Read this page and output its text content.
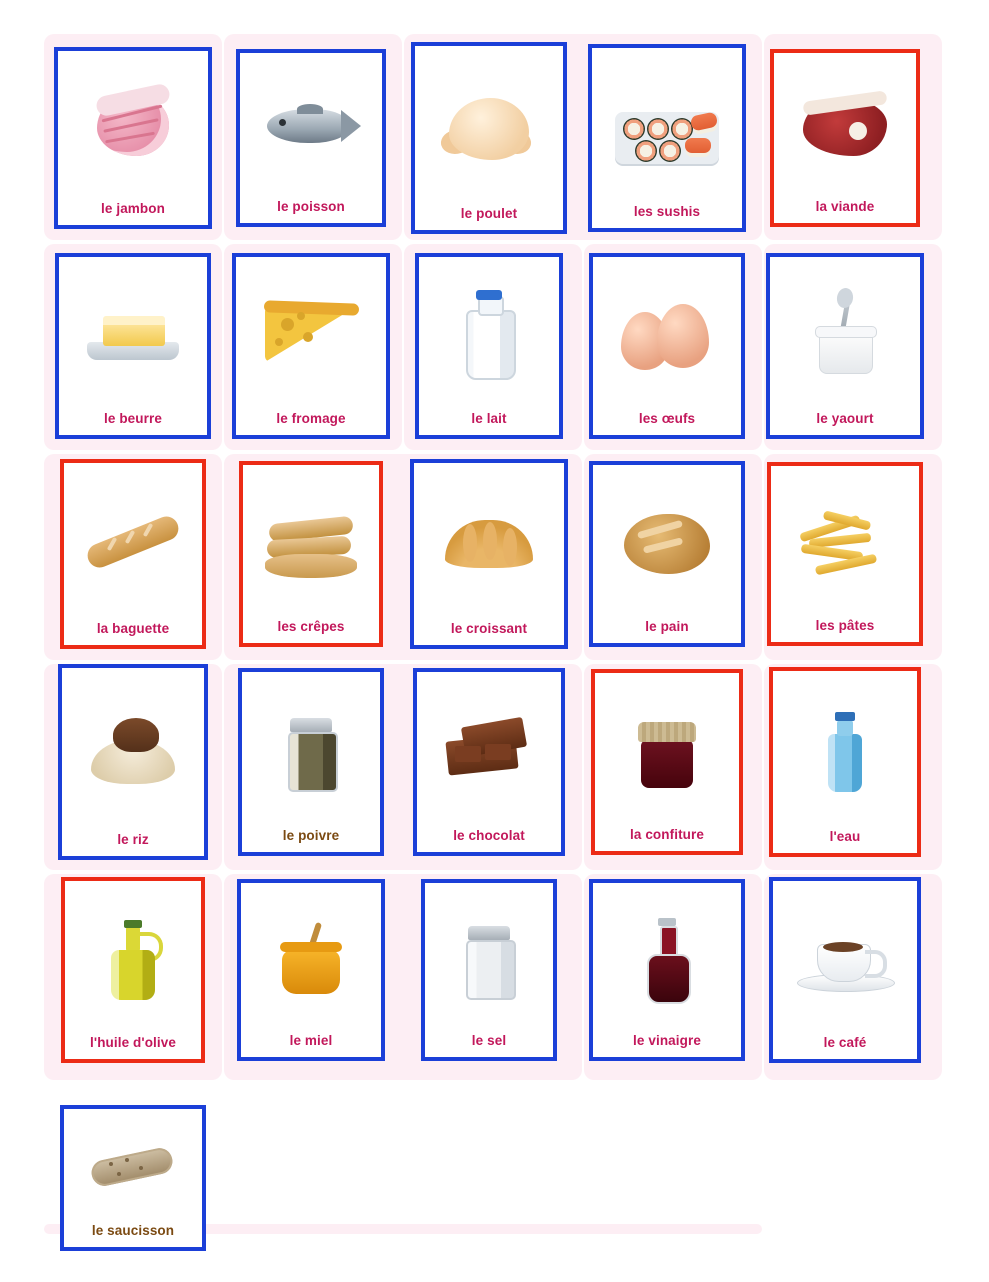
le jambon	le poisson	le poulet	les sushis	la viande
le beurre	le fromage	le lait	les œufs	le yaourt
la baguette	les crêpes	le croissant	le pain	les pâtes
le riz	le poivre	le chocolat	la confiture	l'eau
l'huile d'olive	le miel	le sel	le vinaigre	le café
le saucisson
